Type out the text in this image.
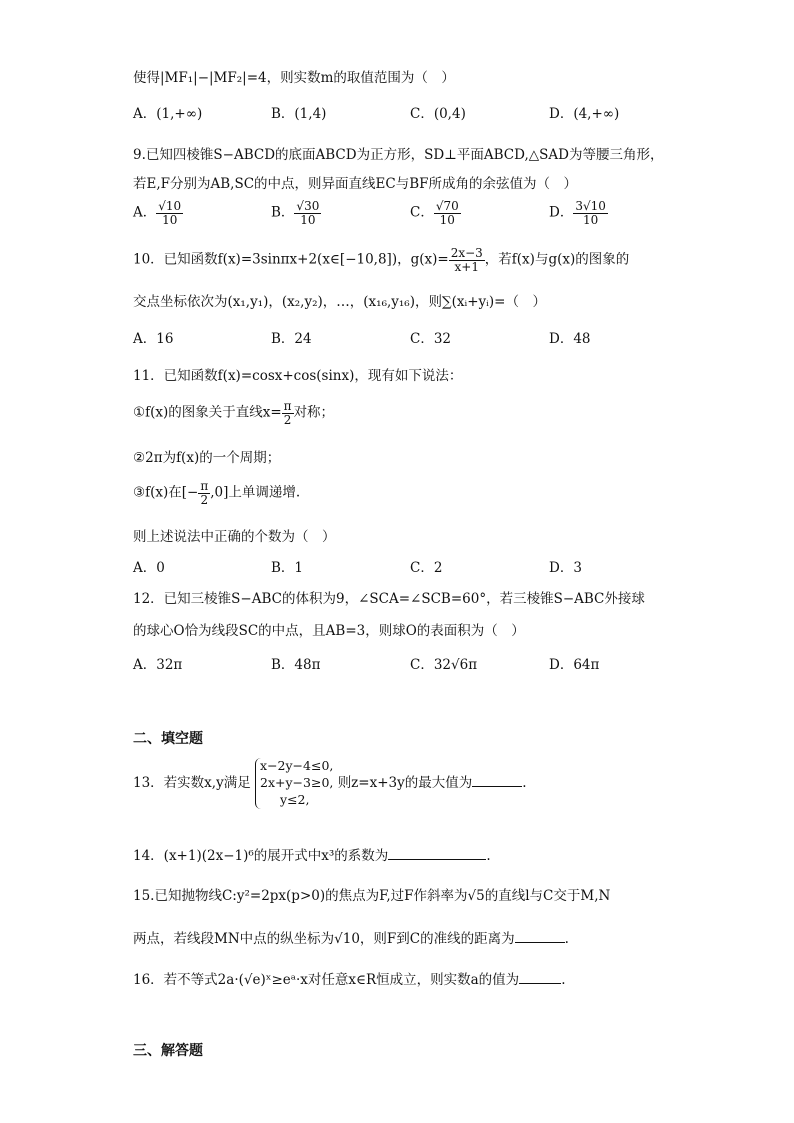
使得|MF₁|−|MF₂|=4，则实数m的取值范围为（　）
A．(1,+∞)	B．(1,4)	C．(0,4)	D．(4,+∞)
9.已知四棱锥S−ABCD的底面ABCD为正方形，SD⊥平面ABCD,△SAD为等腰三角形，
若E,F分别为AB,SC的中点，则异面直线EC与BF所成角的余弦值为（　）
A． $\frac{√10}{10}$	B． $\frac{√30}{10}$	C． $\frac{√70}{10}$	D． $\frac{3√10}{10}$
10．已知函数f(x)=3sinπx+2(x∈[−10,8])，$g(x)= \frac{2x-3}{x+1}$ ，若f(x)与g(x)的图象的
交点坐标依次为(x₁,y₁)，(x₂,y₂)，…，(x₁₆,y₁₆)，则∑(xᵢ+yᵢ)=（　）
A．16	B．24	C．32	D．48
11．已知函数f(x)=cosx+cos(sinx)，现有如下说法：
①f(x)的图象关于直线$x= \frac{\pi}{2}$ 对称；
②2π为f(x)的一个周期；
③f(x)在[− $\frac{\pi}{2} ,0$]上单调递增.
则上述说法中正确的个数为（　）
A．0	B．1	C．2	D．3
12．已知三棱锥S−ABC的体积为9，∠SCA=∠SCB=60°，若三棱锥S−ABC外接球
的球心O恰为线段SC的中点，且AB=3，则球O的表面积为（　）
A．32π	B．48π	C．32√6π	D．64π
二、填空题
13．若实数x,y满足
x−2y−4≤0,
2x+y−3≥0,
y≤2,
则z=x+3y的最大值为	.
14．(x+1)(2x−1)⁶的展开式中x³的系数为	.
15.已知抛物线C:y²=2px(p>0)的焦点为F,过F作斜率为√5的直线l与C交于M,N
两点，若线段MN中点的纵坐标为√10，则F到C的准线的距离为	.
16．若不等式2a·(√e)ˣ≥eᵃ·x对任意x∈R恒成立，则实数a的值为	.
三、解答题
